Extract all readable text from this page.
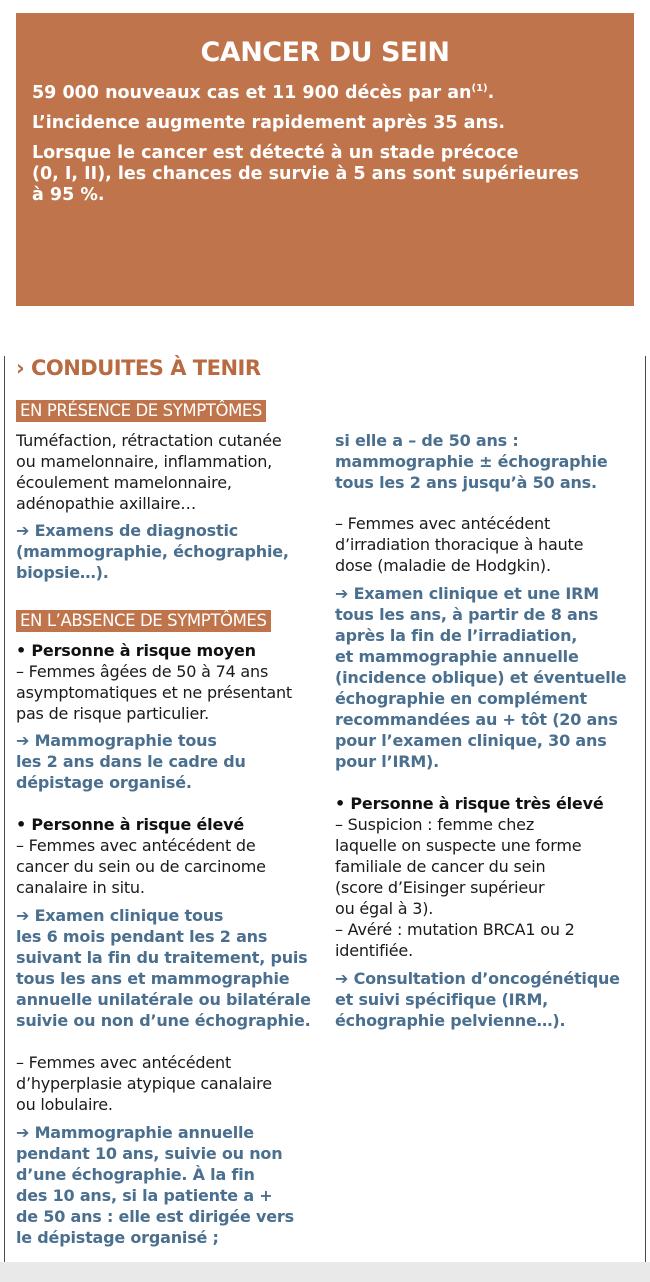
CANCER DU SEIN

59 000 nouveaux cas et 11 900 décès par $an^{(1)}$.

L’incidence augmente rapidement après 35 ans.

Lorsque le cancer est détecté à un stade précoce
(0, I, II), les chances de survie à 5 ans sont supérieures
à 95 %.

› CONDUITES À TENIR
EN PRÉSENCE DE SYMPTÔMES
Tuméfaction, rétractation cutanée
ou mamelonnaire, inflammation,
écoulement mamelonnaire,
adénopathie axillaire…
➔ Examens de diagnostic
(mammographie, échographie,
biopsie…).
EN L’ABSENCE DE SYMPTÔMES
• Personne à risque moyen
– Femmes âgées de 50 à 74 ans
asymptomatiques et ne présentant
pas de risque particulier.
➔ Mammographie tous
les 2 ans dans le cadre du
dépistage organisé.
• Personne à risque élevé
– Femmes avec antécédent de
cancer du sein ou de carcinome
canalaire in situ.
➔ Examen clinique tous
les 6 mois pendant les 2 ans
suivant la fin du traitement, puis
tous les ans et mammographie
annuelle unilatérale ou bilatérale
suivie ou non d’une échographie.
– Femmes avec antécédent
d’hyperplasie atypique canalaire
ou lobulaire.
➔ Mammographie annuelle
pendant 10 ans, suivie ou non
d’une échographie. À la fin
des 10 ans, si la patiente a +
de 50 ans : elle est dirigée vers
le dépistage organisé ;
si elle a – de 50 ans :
mammographie ± échographie
tous les 2 ans jusqu’à 50 ans.
– Femmes avec antécédent
d’irradiation thoracique à haute
dose (maladie de Hodgkin).
➔ Examen clinique et une IRM
tous les ans, à partir de 8 ans
après la fin de l’irradiation,
et mammographie annuelle
(incidence oblique) et éventuelle
échographie en complément
recommandées au + tôt (20 ans
pour l’examen clinique, 30 ans
pour l’IRM).
• Personne à risque très élevé
– Suspicion : femme chez
laquelle on suspecte une forme
familiale de cancer du sein
(score d’Eisinger supérieur
ou égal à 3).
– Avéré : mutation BRCA1 ou 2
identifiée.
➔ Consultation d’oncogénétique
et suivi spécifique (IRM,
échographie pelvienne…).
